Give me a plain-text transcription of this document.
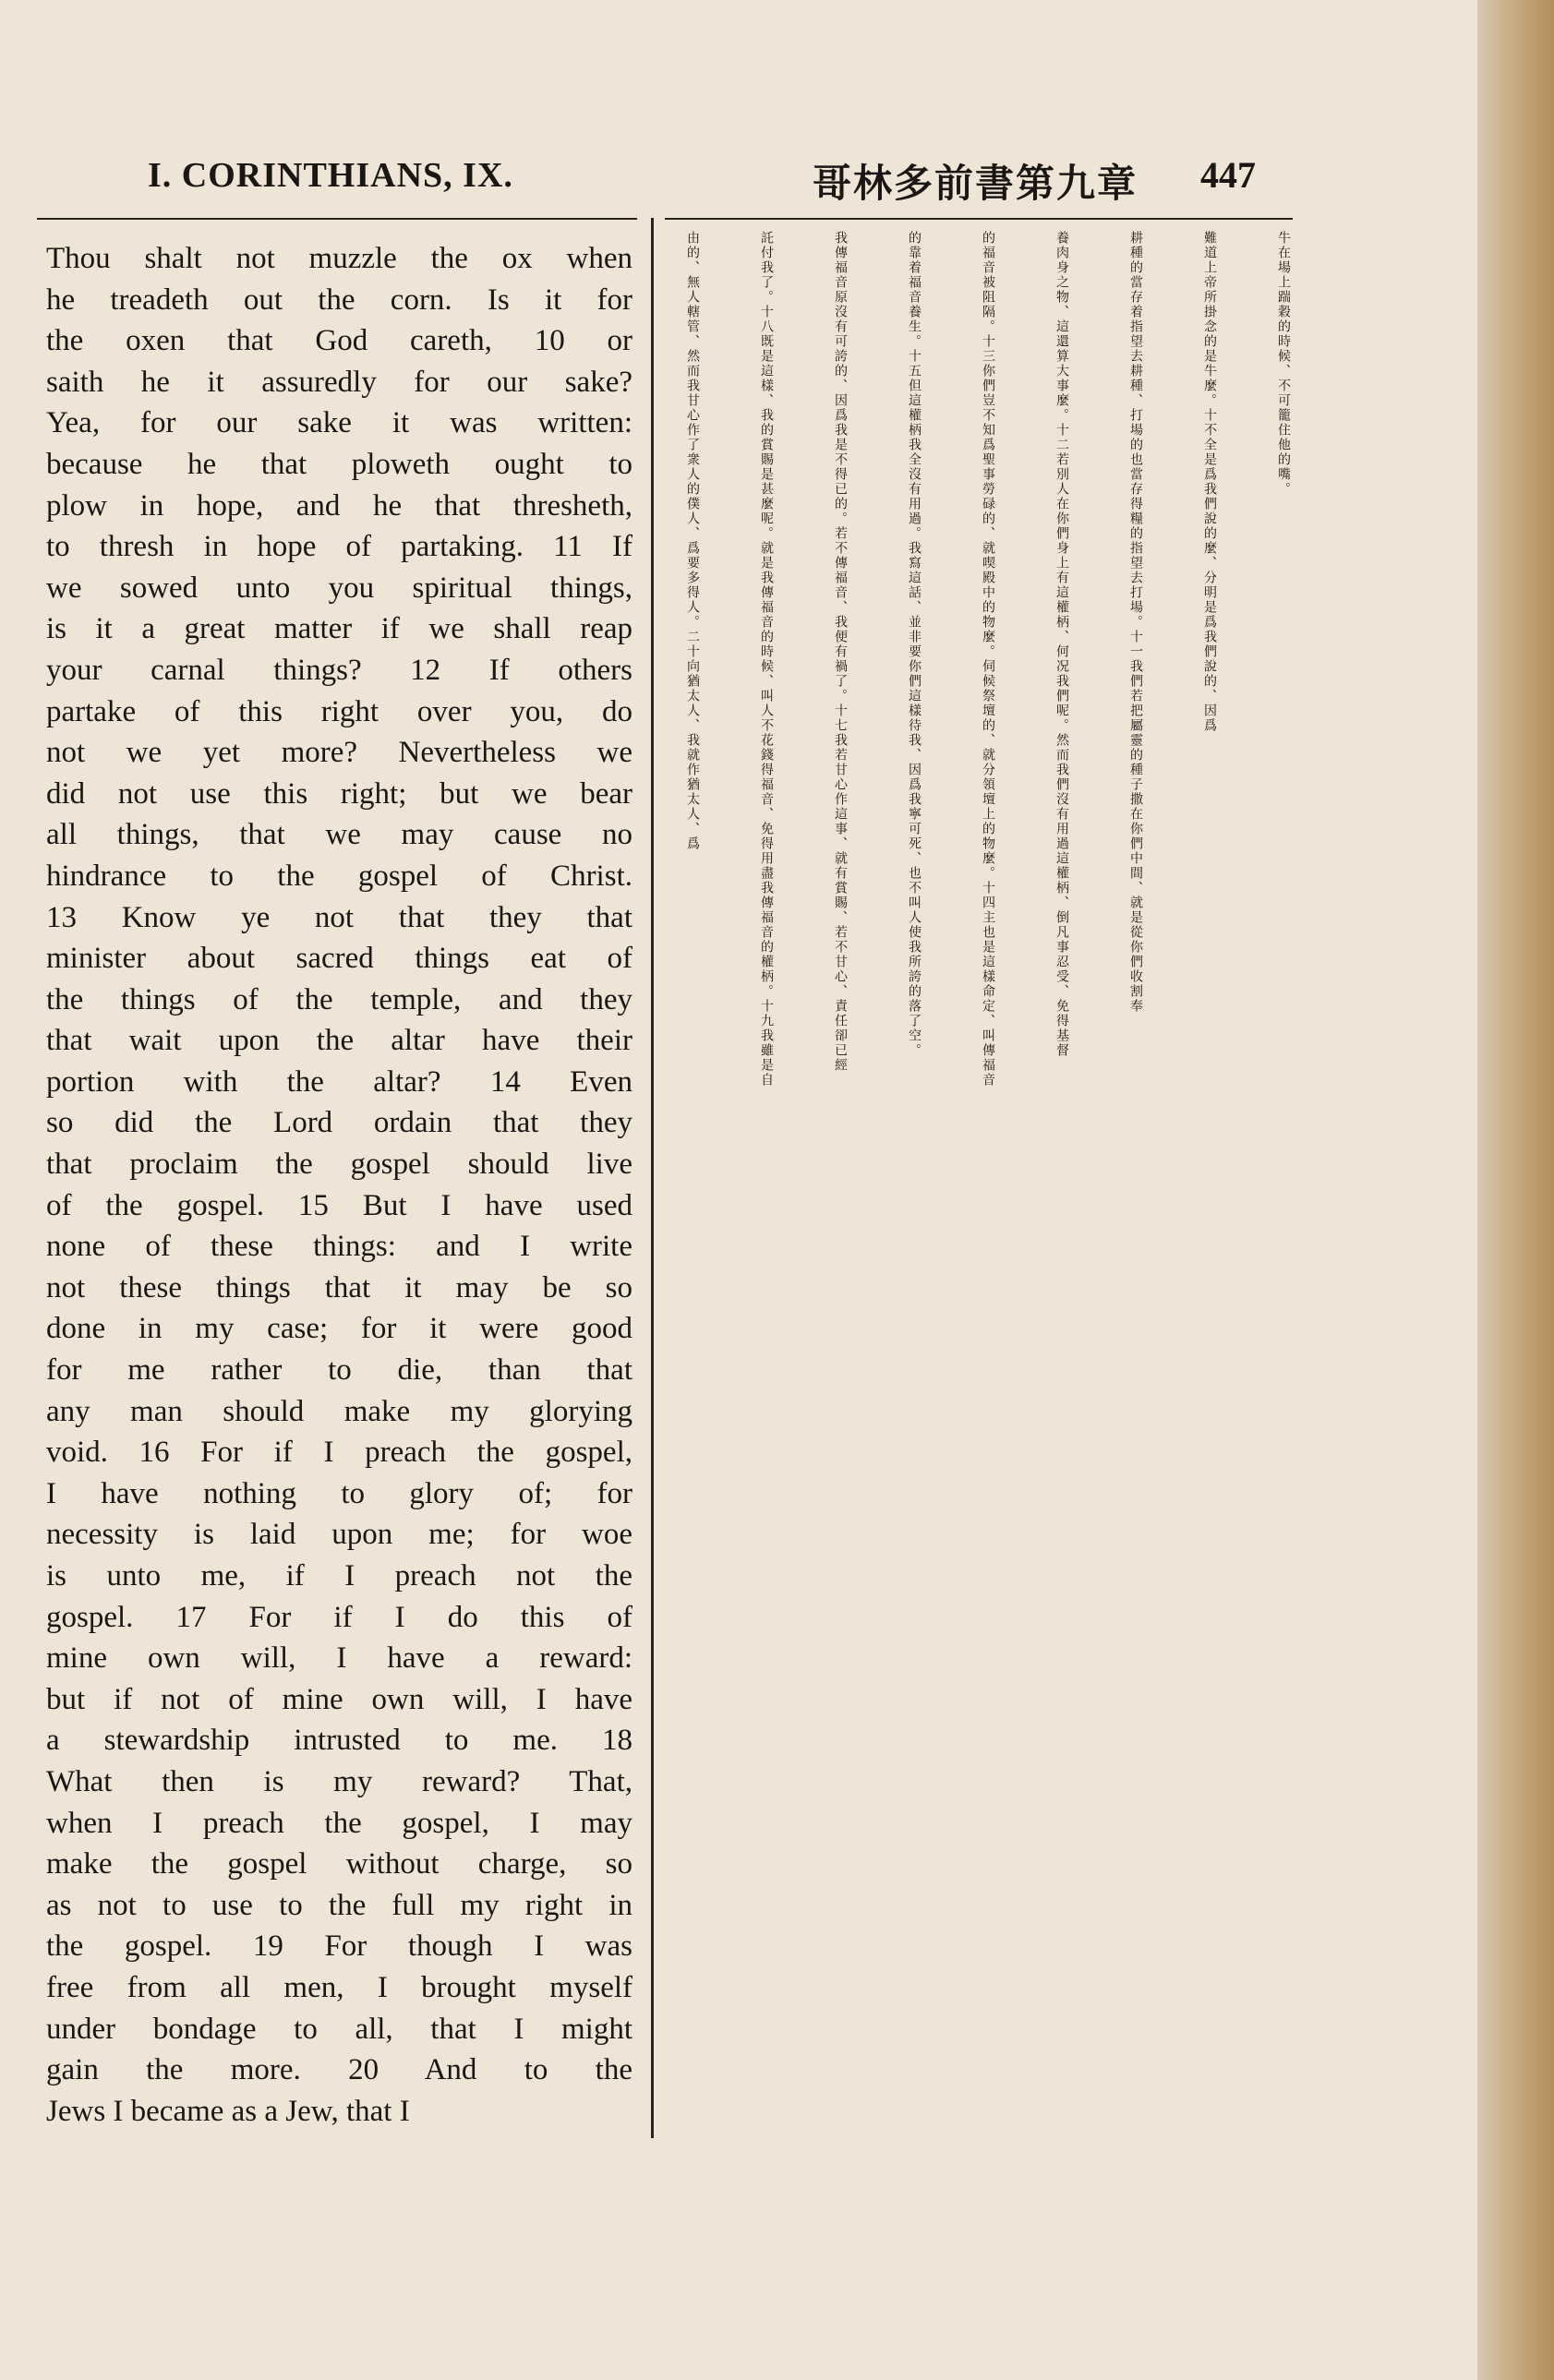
I. CORINTHIANS, IX.	哥林多前書第九章 447
Thou shalt not muzzle the ox when
he treadeth out the corn. Is it for
the oxen that God careth, 10 or
saith he it assuredly for our sake?
Yea, for our sake it was written:
because he that ploweth ought to
plow in hope, and he that thresheth,
to thresh in hope of partaking. 11 If
we sowed unto you spiritual things,
is it a great matter if we shall reap
your carnal things? 12 If others
partake of this right over you, do
not we yet more? Nevertheless we
did not use this right; but we bear
all things, that we may cause no
hindrance to the gospel of Christ.
13 Know ye not that they that
minister about sacred things eat of
the things of the temple, and they
that wait upon the altar have their
portion with the altar? 14 Even
so did the Lord ordain that they
that proclaim the gospel should live
of the gospel. 15 But I have used
none of these things: and I write
not these things that it may be so
done in my case; for it were good
for me rather to die, than that
any man should make my glorying
void. 16 For if I preach the gospel,
I have nothing to glory of; for
necessity is laid upon me; for woe
is unto me, if I preach not the
gospel. 17 For if I do this of
mine own will, I have a reward:
but if not of mine own will, I have
a stewardship intrusted to me. 18
What then is my reward? That,
when I preach the gospel, I may
make the gospel without charge, so
as not to use to the full my right in
the gospel. 19 For though I was
free from all men, I brought myself
under bondage to all, that I might
gain the more. 20 And to the
Jews I became as a Jew, that I
牛在場上踹穀的時候、不可籠住他的嘴。
難道上帝所掛念的是牛麼。十不全是爲我們說的麼、分明是爲我們說的、因爲
耕種的當存着指望去耕種、打場的也當存得糧的指望去打場。十一我們若把屬靈的種子撒在你們中間、就是從你們收割奉
養肉身之物、這還算大事麼。十二若別人在你們身上有這權柄、何况我們呢。然而我們沒有用過這權柄、倒凡事忍受、免得基督
的福音被阻隔。十三你們豈不知爲聖事勞碌的、就喫殿中的物麼。伺候祭壇的、就分領壇上的物麼。十四主也是這樣命定、叫傳福音
的靠着福音養生。十五但這權柄我全沒有用過。我寫這話、並非要你們這樣待我、因爲我寧可死、也不叫人使我所誇的落了空。
我傳福音原沒有可誇的、因爲我是不得已的。若不傳福音、我便有禍了。十七我若甘心作這事、就有賞賜、若不甘心、責任卻已經
託付我了。十八既是這樣、我的賞賜是甚麼呢。就是我傳福音的時候、叫人不花錢得福音、免得用盡我傳福音的權柄。十九我雖是自
由的、無人轄管、然而我甘心作了衆人的僕人、爲要多得人。二十向猶太人、我就作猶太人、爲
